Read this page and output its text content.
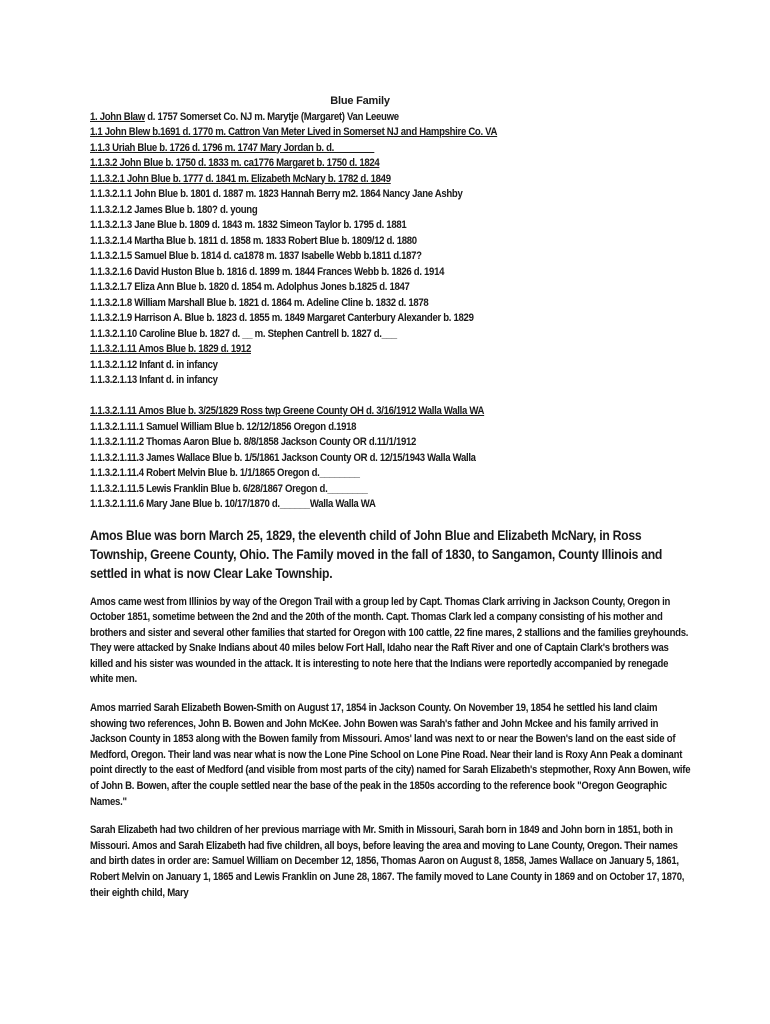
Blue Family
1. John Blaw d. 1757 Somerset Co. NJ m. Marytje (Margaret) Van Leeuwe
1.1 John Blew b.1691 d. 1770 m. Cattron Van Meter Lived in Somerset NJ and Hampshire Co. VA
1.1.3 Uriah Blue b. 1726 d. 1796 m. 1747 Mary Jordan b. d.________
1.1.3.2 John Blue b. 1750 d. 1833 m. ca1776 Margaret b. 1750 d. 1824
1.1.3.2.1 John Blue b. 1777 d. 1841 m. Elizabeth McNary b. 1782 d. 1849
1.1.3.2.1.1 John Blue b. 1801 d. 1887 m. 1823 Hannah Berry m2. 1864 Nancy Jane Ashby
1.1.3.2.1.2 James Blue b. 180? d. young
1.1.3.2.1.3 Jane Blue b. 1809 d. 1843 m. 1832 Simeon Taylor b. 1795 d. 1881
1.1.3.2.1.4 Martha Blue b. 1811 d. 1858 m. 1833 Robert Blue b. 1809/12 d. 1880
1.1.3.2.1.5 Samuel Blue b. 1814 d. ca1878 m. 1837 Isabelle Webb b.1811 d.187?
1.1.3.2.1.6 David Huston Blue b. 1816 d. 1899 m. 1844 Frances Webb b. 1826 d. 1914
1.1.3.2.1.7 Eliza Ann Blue b. 1820 d. 1854 m. Adolphus Jones b.1825 d. 1847
1.1.3.2.1.8 William Marshall Blue b. 1821 d. 1864 m. Adeline Cline b. 1832 d. 1878
1.1.3.2.1.9 Harrison A. Blue b. 1823 d. 1855 m. 1849 Margaret Canterbury Alexander b. 1829
1.1.3.2.1.10 Caroline Blue b. 1827 d. __ m. Stephen Cantrell b. 1827 d.___
1.1.3.2.1.11 Amos Blue b. 1829 d. 1912
1.1.3.2.1.12 Infant d. in infancy
1.1.3.2.1.13 Infant d. in infancy
1.1.3.2.1.11 Amos Blue b. 3/25/1829 Ross twp Greene County OH d. 3/16/1912 Walla Walla WA
1.1.3.2.1.11.1 Samuel William Blue b. 12/12/1856 Oregon d.1918
1.1.3.2.1.11.2 Thomas Aaron Blue b. 8/8/1858 Jackson County OR d.11/1/1912
1.1.3.2.1.11.3 James Wallace Blue b. 1/5/1861 Jackson County OR d. 12/15/1943 Walla Walla
1.1.3.2.1.11.4 Robert Melvin Blue b. 1/1/1865 Oregon d.________
1.1.3.2.1.11.5 Lewis Franklin Blue b. 6/28/1867 Oregon d.________
1.1.3.2.1.11.6 Mary Jane Blue b. 10/17/1870 d.______Walla Walla WA
Amos Blue was born March 25, 1829, the eleventh child of John Blue and Elizabeth McNary, in Ross Township, Greene County, Ohio. The Family moved in the fall of 1830, to Sangamon, County Illinois and settled in what is now Clear Lake Township.
Amos came west from Illinios by way of the Oregon Trail with a group led by Capt. Thomas Clark arriving in Jackson County, Oregon in October 1851, sometime between the 2nd and the 20th of the month. Capt. Thomas Clark led a company consisting of his mother and brothers and sister and several other families that started for Oregon with 100 cattle, 22 fine mares, 2 stallions and the families greyhounds. They were attacked by Snake Indians about 40 miles below Fort Hall, Idaho near the Raft River and one of Captain Clark's brothers was killed and his sister was wounded in the attack. It is interesting to note here that the Indians were reportedly accompanied by renegade white men.
Amos married Sarah Elizabeth Bowen-Smith on August 17, 1854 in Jackson County. On November 19, 1854 he settled his land claim showing two references, John B. Bowen and John McKee. John Bowen was Sarah's father and John Mckee and his family arrived in Jackson County in 1853 along with the Bowen family from Missouri. Amos' land was next to or near the Bowen's land on the east side of Medford, Oregon. Their land was near what is now the Lone Pine School on Lone Pine Road. Near their land is Roxy Ann Peak a dominant point directly to the east of Medford (and visible from most parts of the city) named for Sarah Elizabeth's stepmother, Roxy Ann Bowen, wife of John B. Bowen, after the couple settled near the base of the peak in the 1850s according to the reference book "Oregon Geographic Names."
Sarah Elizabeth had two children of her previous marriage with Mr. Smith in Missouri, Sarah born in 1849 and John born in 1851, both in Missouri. Amos and Sarah Elizabeth had five children, all boys, before leaving the area and moving to Lane County, Oregon. Their names and birth dates in order are: Samuel William on December 12, 1856, Thomas Aaron on August 8, 1858, James Wallace on January 5, 1861, Robert Melvin on January 1, 1865 and Lewis Franklin on June 28, 1867. The family moved to Lane County in 1869 and on October 17, 1870, their eighth child, Mary
